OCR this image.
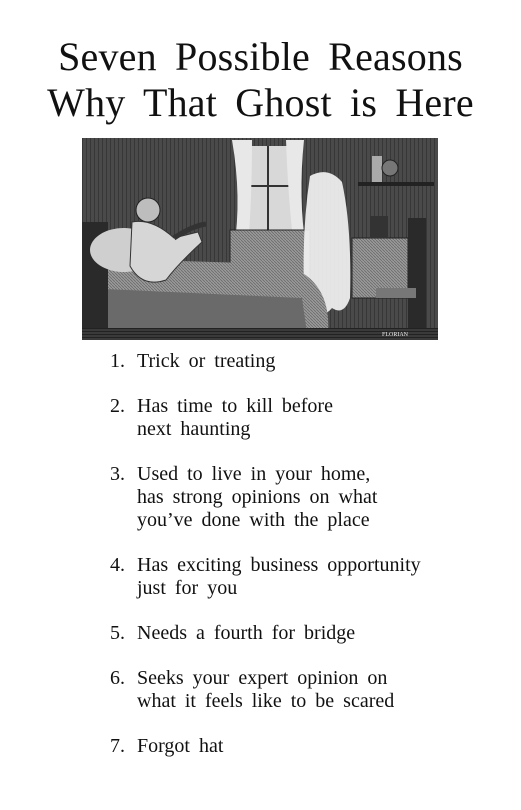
Seven Possible Reasons
Why That Ghost is Here
FLORIAN
1. Trick or treating
2. Has time to kill before
next haunting
3. Used to live in your home,
has strong opinions on what
you’ve done with the place
4. Has exciting business opportunity
just for you
5. Needs a fourth for bridge
6. Seeks your expert opinion on
what it feels like to be scared
7. Forgot hat
